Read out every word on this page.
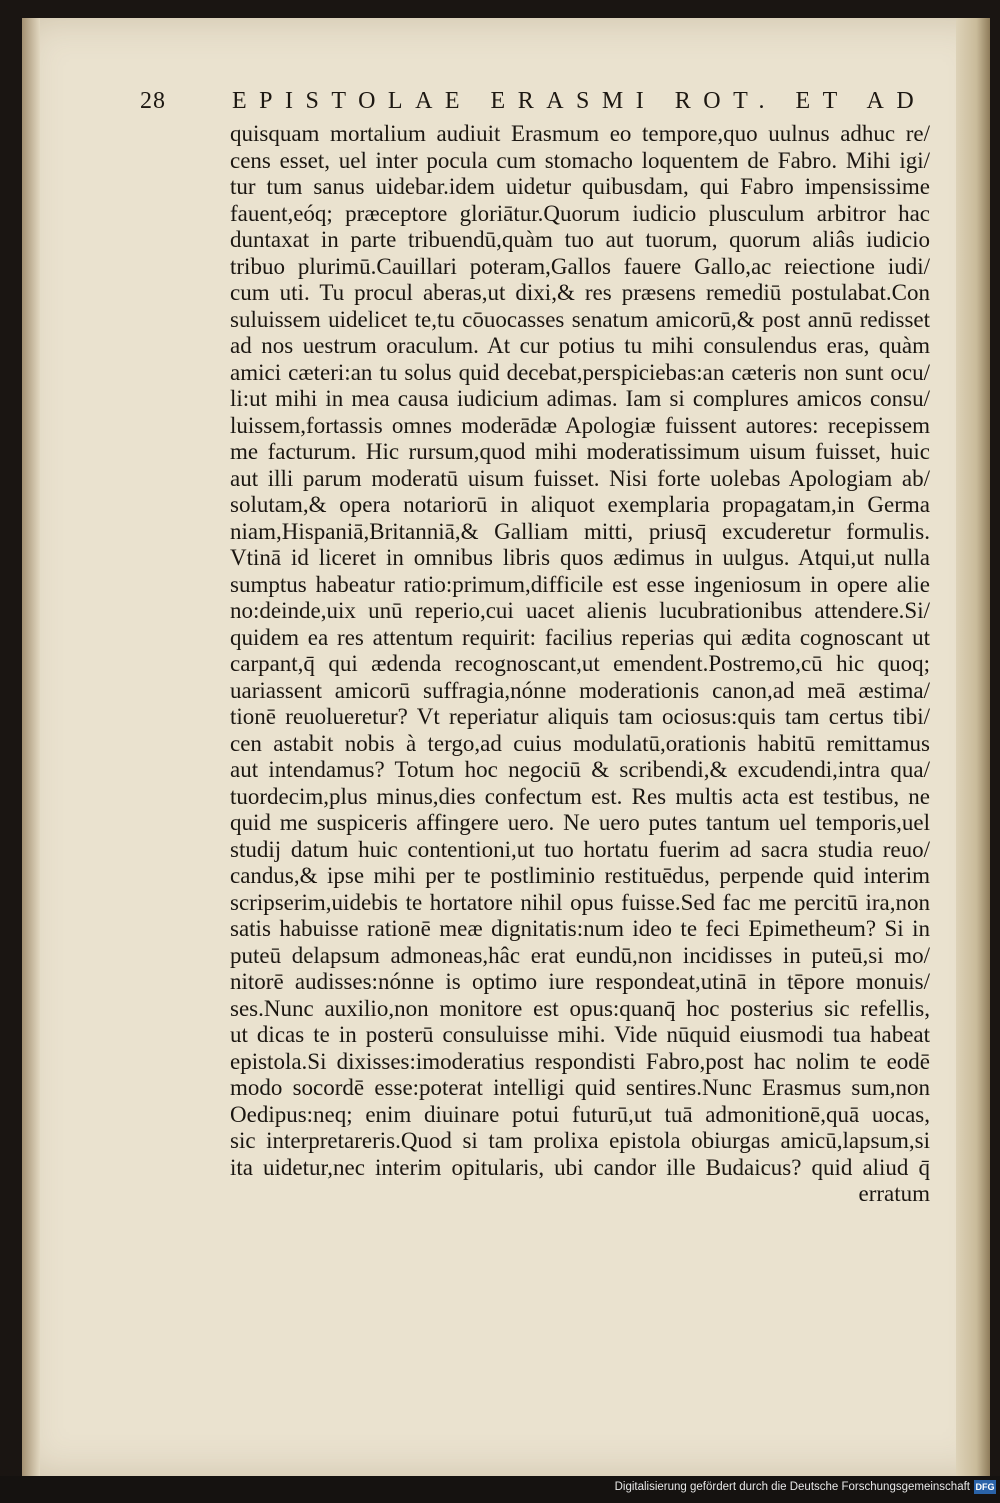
28	EPISTOLAE ERASMI ROT. ET AD
quisquam mortalium audiuit Erasmum eo tempore,quo uulnus adhuc re/
cens esset, uel inter pocula cum stomacho loquentem de Fabro. Mihi igi/
tur tum sanus uidebar.idem uidetur quibusdam, qui Fabro impensissime
fauent,eóq; præceptore gloriātur.Quorum iudicio plusculum arbitror hac
duntaxat in parte tribuendū,quàm tuo aut tuorum, quorum aliâs iudicio
tribuo plurimū.Cauillari poteram,Gallos fauere Gallo,ac reiectione iudi/
cum uti. Tu procul aberas,ut dixi,& res præsens remediū postulabat.Con
suluissem uidelicet te,tu cōuocasses senatum amicorū,& post annū redisset
ad nos uestrum oraculum. At cur potius tu mihi consulendus eras, quàm
amici cæteri:an tu solus quid decebat,perspiciebas:an cæteris non sunt ocu/
li:ut mihi in mea causa iudicium adimas. Iam si complures amicos consu/
luissem,fortassis omnes moderādæ Apologiæ fuissent autores: recepissem
me facturum. Hic rursum,quod mihi moderatissimum uisum fuisset, huic
aut illi parum moderatū uisum fuisset. Nisi forte uolebas Apologiam ab/
solutam,& opera notariorū in aliquot exemplaria propagatam,in Germa
niam,Hispaniā,Britanniā,& Galliam mitti, priusq̄ excuderetur formulis.
Vtinā id liceret in omnibus libris quos ædimus in uulgus. Atqui,ut nulla
sumptus habeatur ratio:primum,difficile est esse ingeniosum in opere alie
no:deinde,uix unū reperio,cui uacet alienis lucubrationibus attendere.Si/
quidem ea res attentum requirit: facilius reperias qui ædita cognoscant ut
carpant,q̄ qui ædenda recognoscant,ut emendent.Postremo,cū hic quoq;
uariassent amicorū suffragia,nónne moderationis canon,ad meā æstima/
tionē reuolueretur? Vt reperiatur aliquis tam ociosus:quis tam certus tibi/
cen astabit nobis à tergo,ad cuius modulatū,orationis habitū remittamus
aut intendamus? Totum hoc negociū & scribendi,& excudendi,intra qua/
tuordecim,plus minus,dies confectum est. Res multis acta est testibus, ne
quid me suspiceris affingere uero. Ne uero putes tantum uel temporis,uel
studij datum huic contentioni,ut tuo hortatu fuerim ad sacra studia reuo/
candus,& ipse mihi per te postliminio restituēdus, perpende quid interim
scripserim,uidebis te hortatore nihil opus fuisse.Sed fac me percitū ira,non
satis habuisse rationē meæ dignitatis:num ideo te feci Epimetheum? Si in
puteū delapsum admoneas,hâc erat eundū,non incidisses in puteū,si mo/
nitorē audisses:nónne is optimo iure respondeat,utinā in tēpore monuis/
ses.Nunc auxilio,non monitore est opus:quanq̄ hoc posterius sic refellis,
ut dicas te in posterū consuluisse mihi. Vide nūquid eiusmodi tua habeat
epistola.Si dixisses:imoderatius respondisti Fabro,post hac nolim te eodē
modo socordē esse:poterat intelligi quid sentires.Nunc Erasmus sum,non
Oedipus:neq; enim diuinare potui futurū,ut tuā admonitionē,quā uocas,
sic interpretareris.Quod si tam prolixa epistola obiurgas amicū,lapsum,si
ita uidetur,nec interim opitularis, ubi candor ille Budaicus? quid aliud q̄
erratum
Digitalisierung gefördert durch die Deutsche Forschungsgemeinschaft DFG
